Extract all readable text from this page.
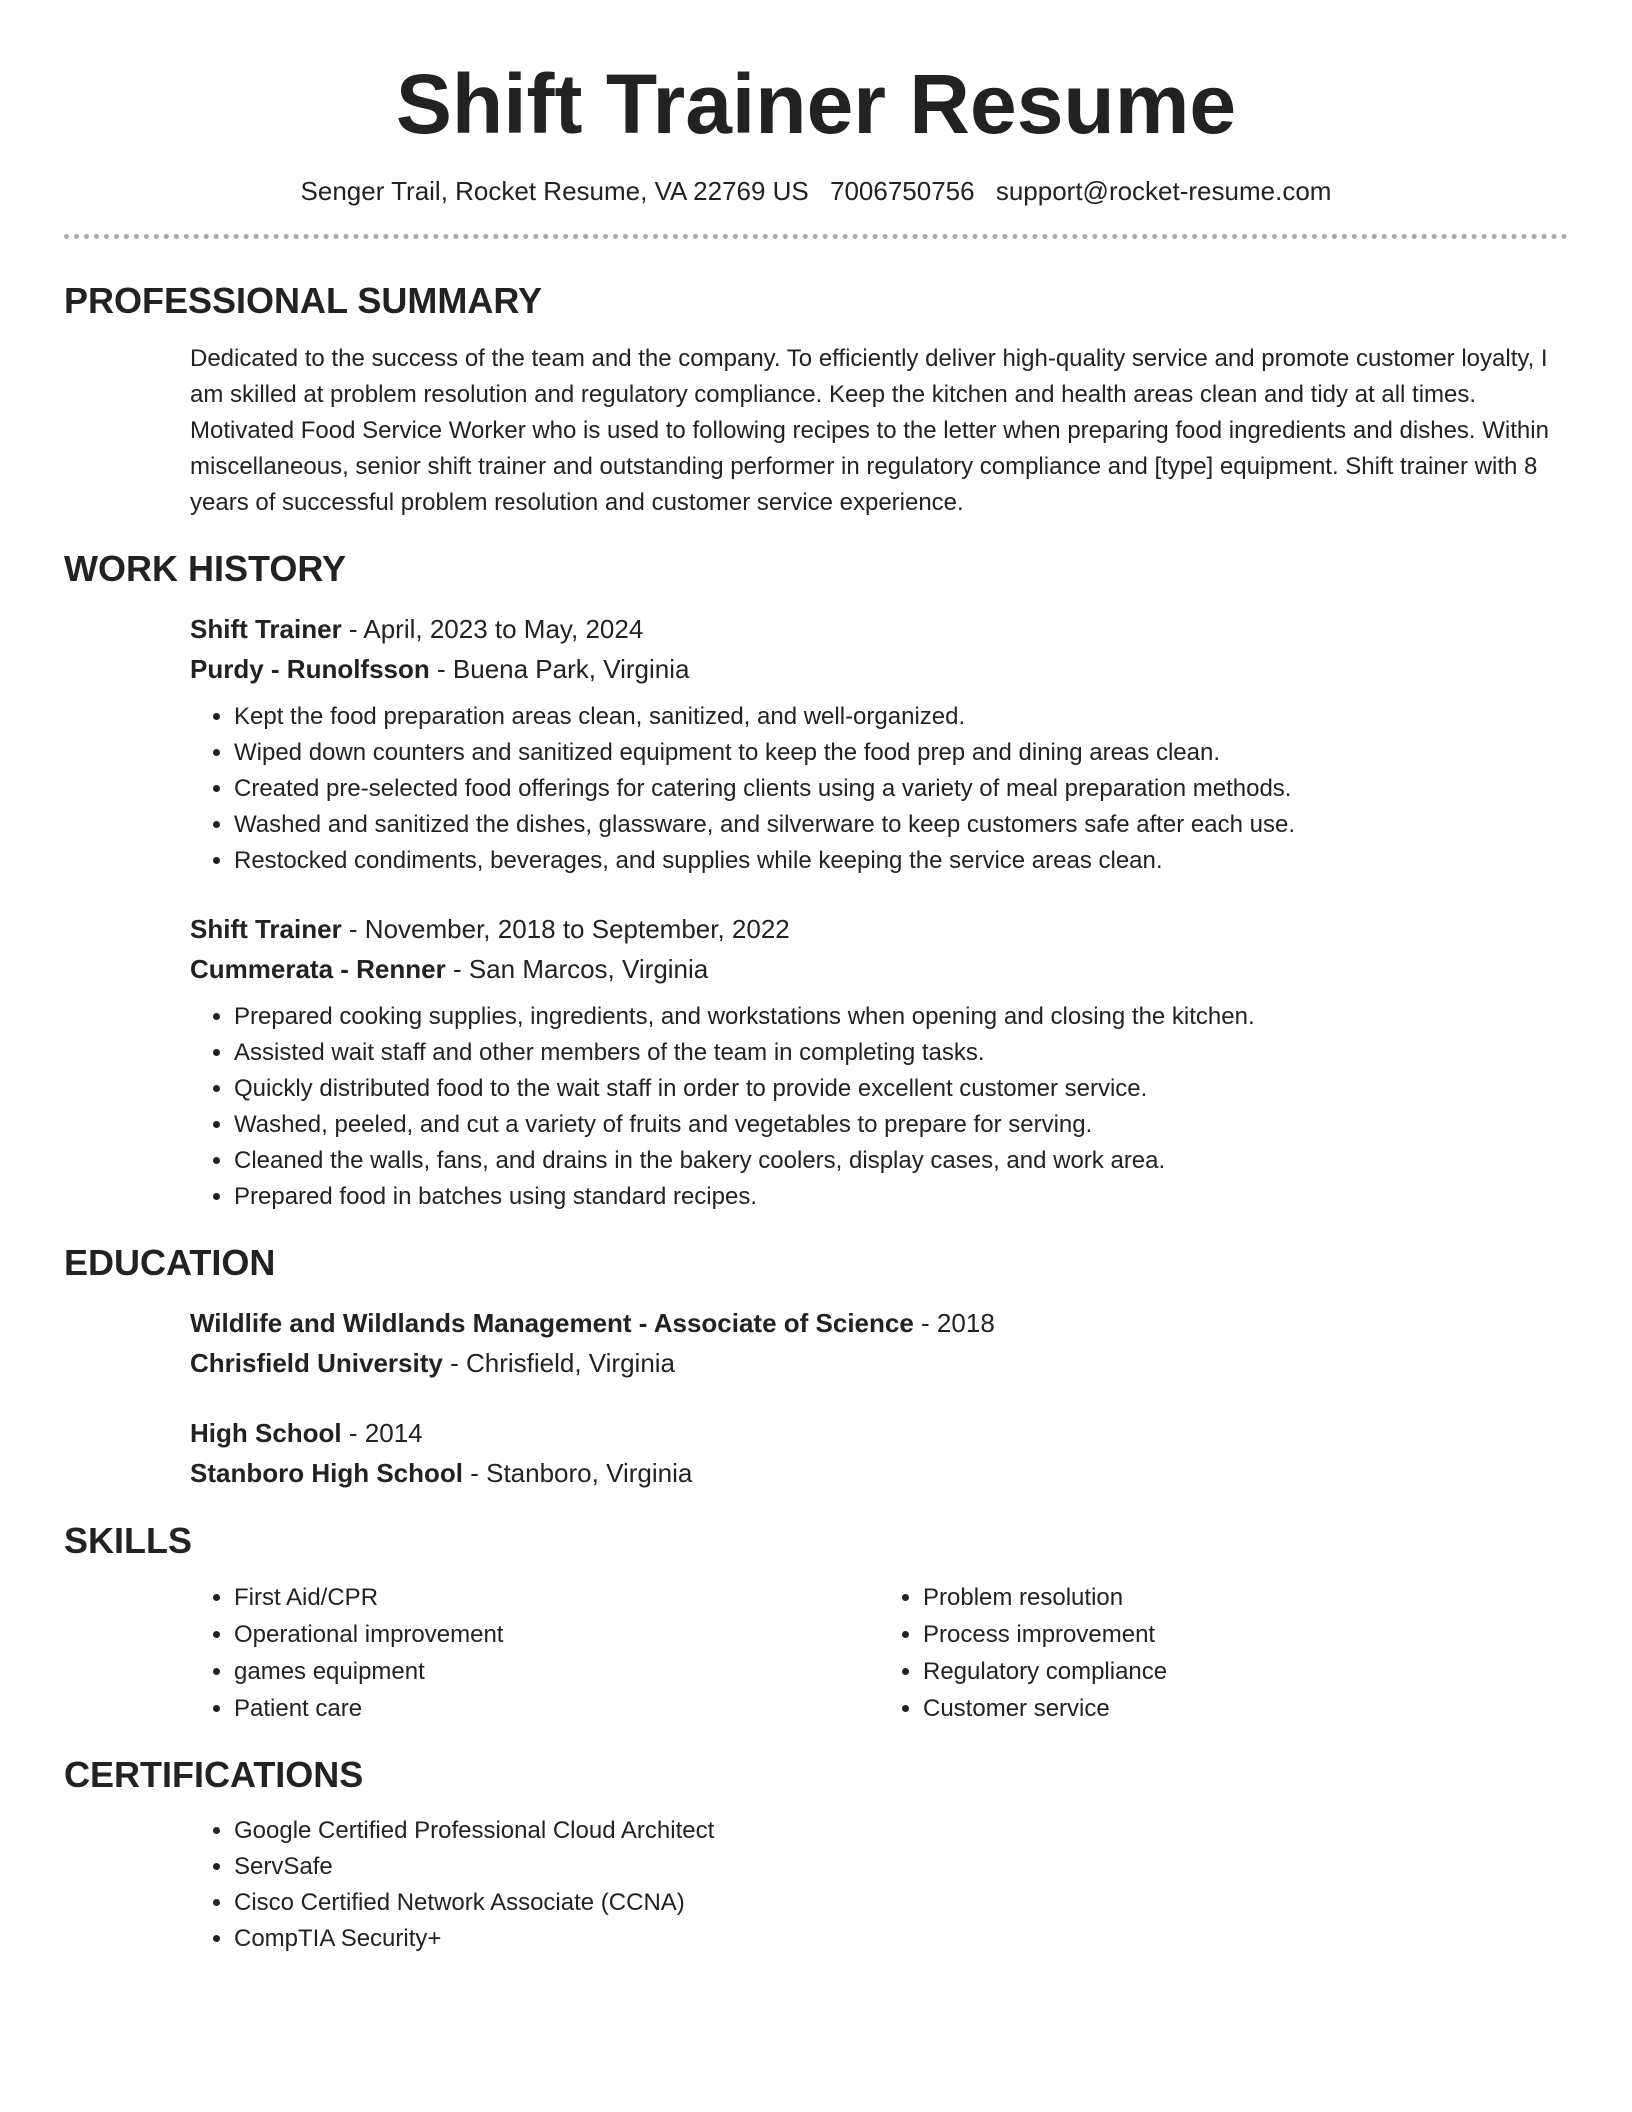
Shift Trainer Resume
Senger Trail, Rocket Resume, VA 22769 US 7006750756 support@rocket-resume.com
PROFESSIONAL SUMMARY

Dedicated to the success of the team and the company. To efficiently deliver high-quality service and promote customer loyalty, I am skilled at problem resolution and regulatory compliance. Keep the kitchen and health areas clean and tidy at all times. Motivated Food Service Worker who is used to following recipes to the letter when preparing food ingredients and dishes. Within miscellaneous, senior shift trainer and outstanding performer in regulatory compliance and [type] equipment. Shift trainer with 8 years of successful problem resolution and customer service experience.

WORK HISTORY
Shift Trainer - April, 2023 to May, 2024
Purdy - Runolfsson - Buena Park, Virginia
• Kept the food preparation areas clean, sanitized, and well-organized.
• Wiped down counters and sanitized equipment to keep the food prep and dining areas clean.
• Created pre-selected food offerings for catering clients using a variety of meal preparation methods.
• Washed and sanitized the dishes, glassware, and silverware to keep customers safe after each use.
• Restocked condiments, beverages, and supplies while keeping the service areas clean.
Shift Trainer - November, 2018 to September, 2022
Cummerata - Renner - San Marcos, Virginia
• Prepared cooking supplies, ingredients, and workstations when opening and closing the kitchen.
• Assisted wait staff and other members of the team in completing tasks.
• Quickly distributed food to the wait staff in order to provide excellent customer service.
• Washed, peeled, and cut a variety of fruits and vegetables to prepare for serving.
• Cleaned the walls, fans, and drains in the bakery coolers, display cases, and work area.
• Prepared food in batches using standard recipes.
EDUCATION
Wildlife and Wildlands Management - Associate of Science - 2018
Chrisfield University - Chrisfield, Virginia
High School - 2014
Stanboro High School - Stanboro, Virginia
SKILLS
• First Aid/CPR
• Operational improvement
• games equipment
• Patient care
• Problem resolution
• Process improvement
• Regulatory compliance
• Customer service
CERTIFICATIONS
• Google Certified Professional Cloud Architect
• ServSafe
• Cisco Certified Network Associate (CCNA)
• CompTIA Security+
